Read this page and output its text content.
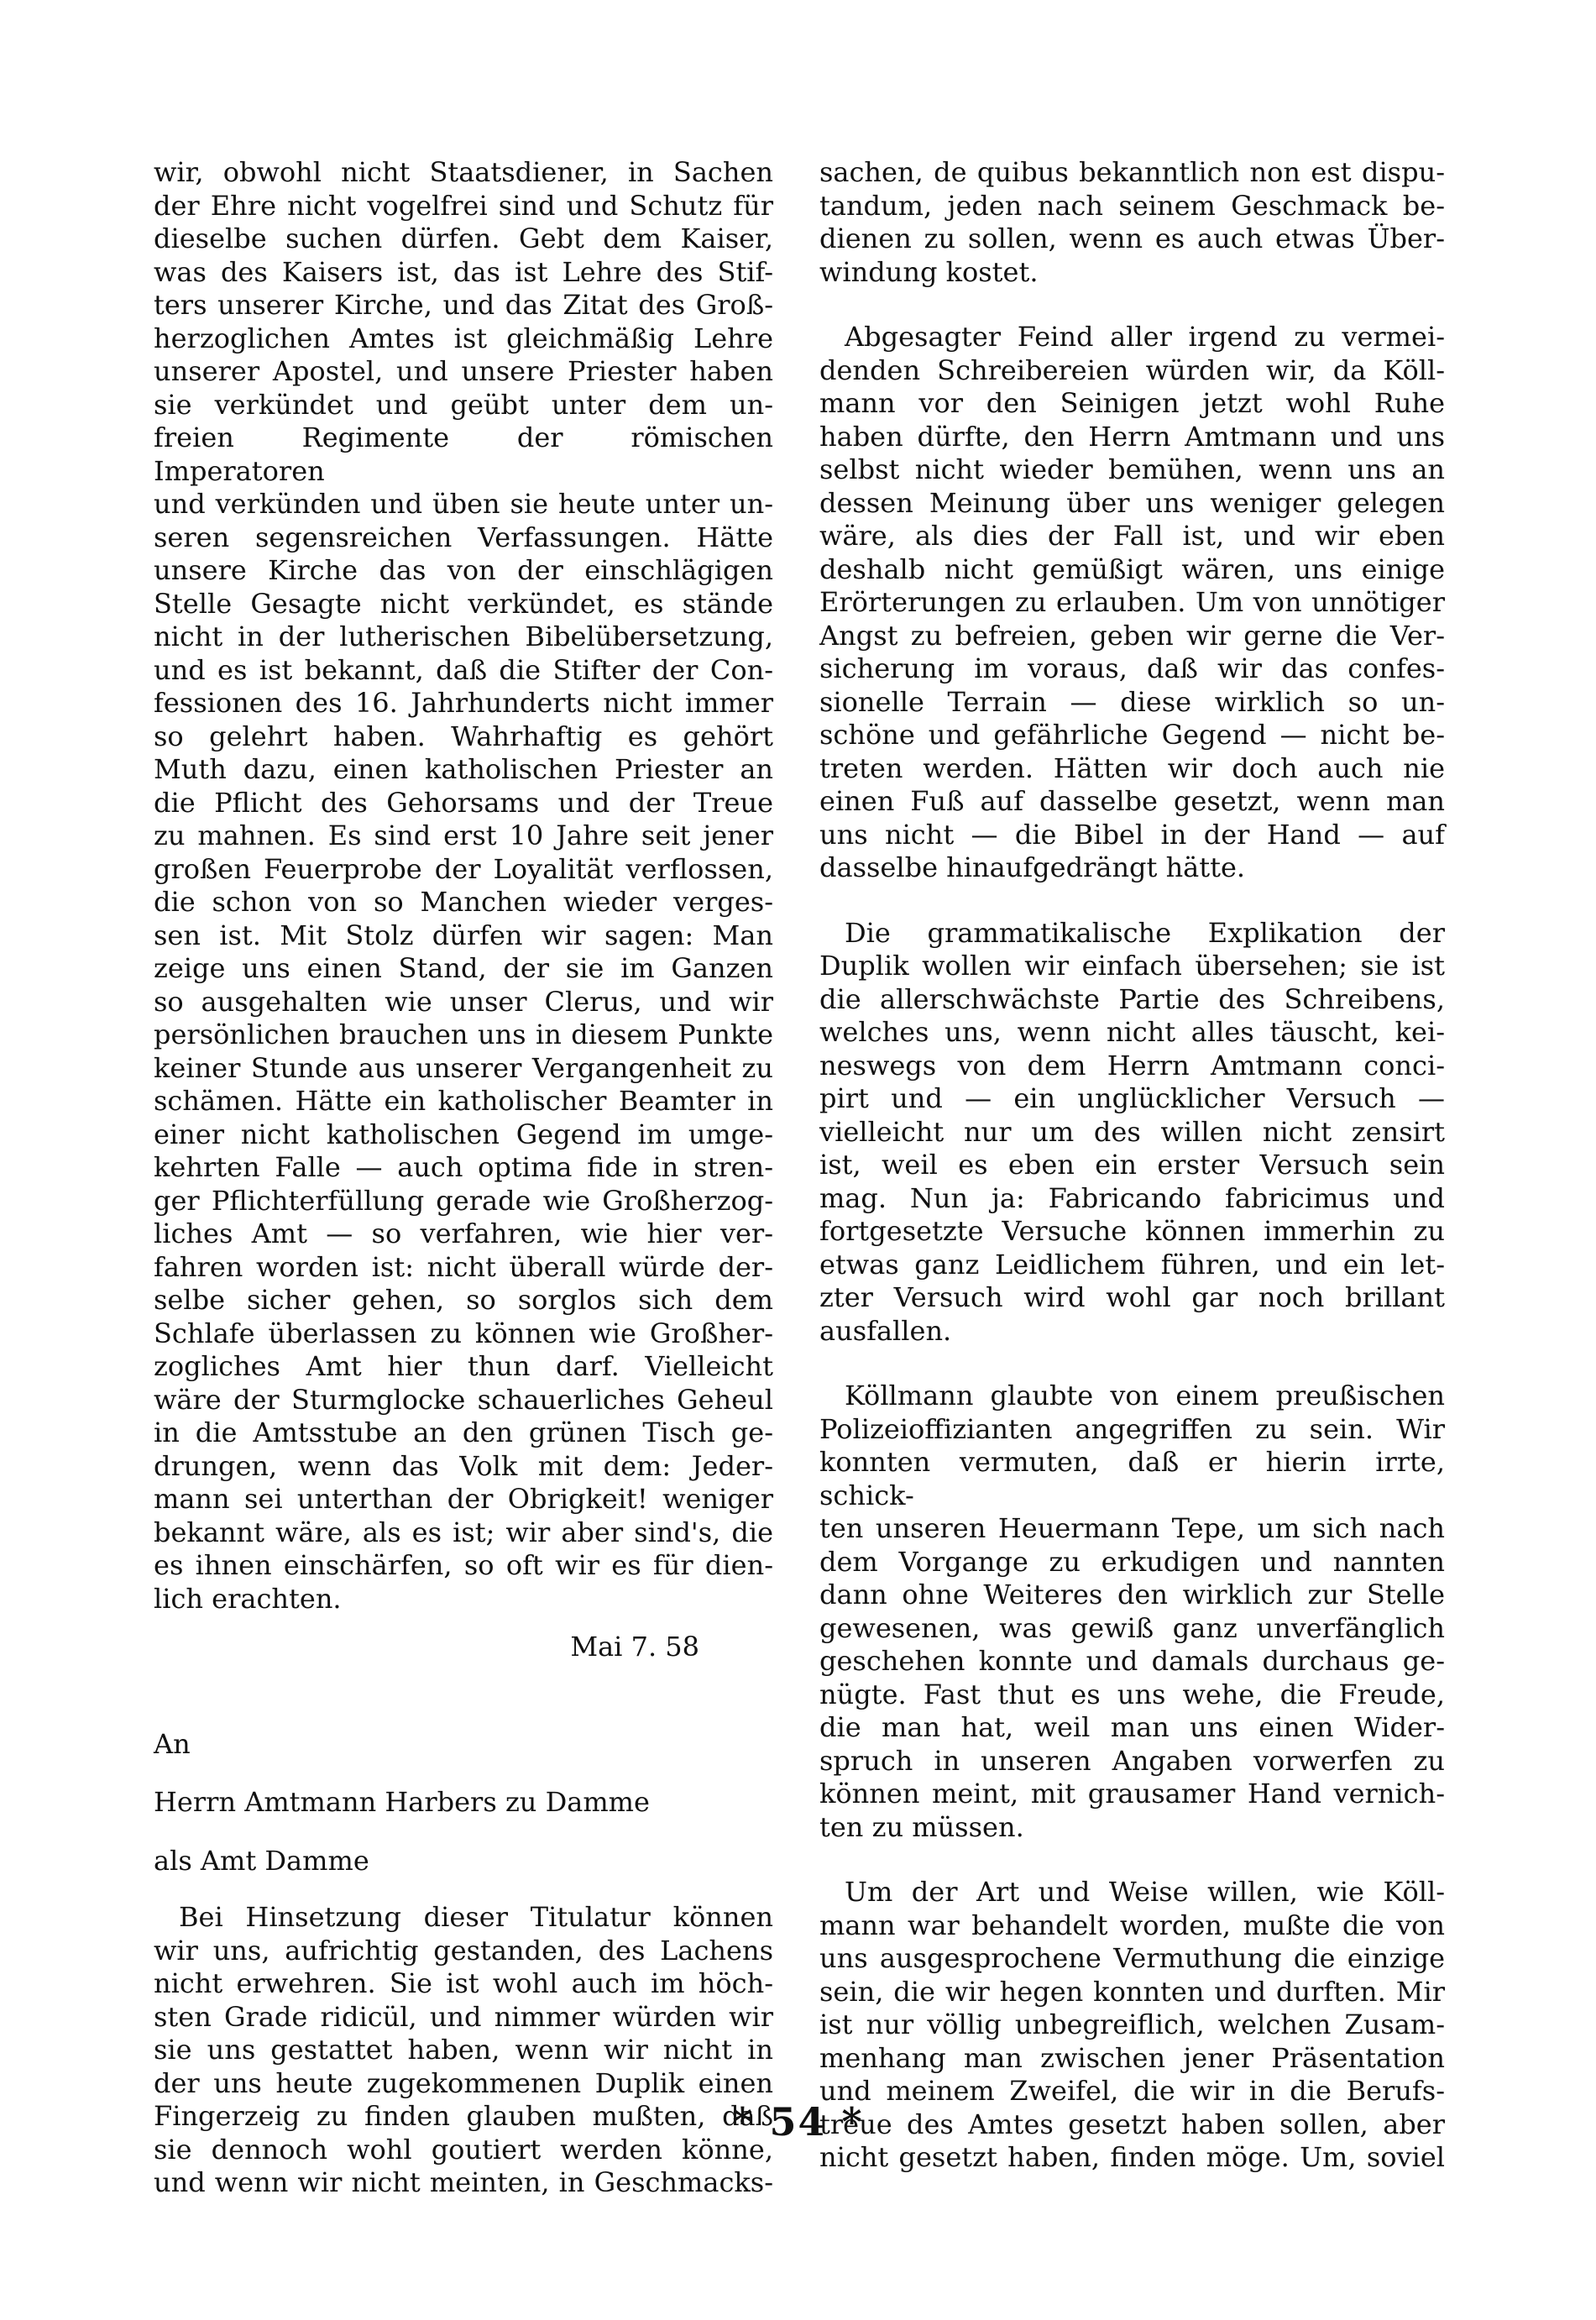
wir, obwohl nicht Staatsdiener, in Sachen

der Ehre nicht vogelfrei sind und Schutz für

dieselbe suchen dürfen. Gebt dem Kaiser,

was des Kaisers ist, das ist Lehre des Stif-

ters unserer Kirche, und das Zitat des Groß-

herzoglichen Amtes ist gleichmäßig Lehre

unserer Apostel, und unsere Priester haben

sie verkündet und geübt unter dem un-

freien Regimente der römischen Imperatoren

und verkünden und üben sie heute unter un-

seren segensreichen Verfassungen. Hätte

unsere Kirche das von der einschlägigen

Stelle Gesagte nicht verkündet, es stände

nicht in der lutherischen Bibelübersetzung,

und es ist bekannt, daß die Stifter der Con-

fessionen des 16. Jahrhunderts nicht immer

so gelehrt haben. Wahrhaftig es gehört

Muth dazu, einen katholischen Priester an

die Pflicht des Gehorsams und der Treue

zu mahnen. Es sind erst 10 Jahre seit jener

großen Feuerprobe der Loyalität verflossen,

die schon von so Manchen wieder verges-

sen ist. Mit Stolz dürfen wir sagen: Man

zeige uns einen Stand, der sie im Ganzen

so ausgehalten wie unser Clerus, und wir

persönlichen brauchen uns in diesem Punkte

keiner Stunde aus unserer Vergangenheit zu

schämen. Hätte ein katholischer Beamter in

einer nicht katholischen Gegend im umge-

kehrten Falle — auch optima fide in stren-

ger Pflichterfüllung gerade wie Großherzog-

liches Amt — so verfahren, wie hier ver-

fahren worden ist: nicht überall würde der-

selbe sicher gehen, so sorglos sich dem

Schlafe überlassen zu können wie Großher-

zogliches Amt hier thun darf. Vielleicht

wäre der Sturmglocke schauerliches Geheul

in die Amtsstube an den grünen Tisch ge-

drungen, wenn das Volk mit dem: Jeder-

mann sei unterthan der Obrigkeit! weniger

bekannt wäre, als es ist; wir aber sind's, die

es ihnen einschärfen, so oft wir es für dien-

lich erachten.

Mai 7. 58

An

Herrn Amtmann Harbers zu Damme

als Amt Damme

Bei Hinsetzung dieser Titulatur können

wir uns, aufrichtig gestanden, des Lachens

nicht erwehren. Sie ist wohl auch im höch-

sten Grade ridicül, und nimmer würden wir

sie uns gestattet haben, wenn wir nicht in

der uns heute zugekommenen Duplik einen

Fingerzeig zu finden glauben mußten, daß

sie dennoch wohl goutiert werden könne,

und wenn wir nicht meinten, in Geschmacks-

sachen, de quibus bekanntlich non est dispu-

tandum, jeden nach seinem Geschmack be-

dienen zu sollen, wenn es auch etwas Über-

windung kostet.

Abgesagter Feind aller irgend zu vermei-

denden Schreibereien würden wir, da Köll-

mann vor den Seinigen jetzt wohl Ruhe

haben dürfte, den Herrn Amtmann und uns

selbst nicht wieder bemühen, wenn uns an

dessen Meinung über uns weniger gelegen

wäre, als dies der Fall ist, und wir eben

deshalb nicht gemüßigt wären, uns einige

Erörterungen zu erlauben. Um von unnötiger

Angst zu befreien, geben wir gerne die Ver-

sicherung im voraus, daß wir das confes-

sionelle Terrain — diese wirklich so un-

schöne und gefährliche Gegend — nicht be-

treten werden. Hätten wir doch auch nie

einen Fuß auf dasselbe gesetzt, wenn man

uns nicht — die Bibel in der Hand — auf

dasselbe hinaufgedrängt hätte.

Die grammatikalische Explikation der

Duplik wollen wir einfach übersehen; sie ist

die allerschwächste Partie des Schreibens,

welches uns, wenn nicht alles täuscht, kei-

neswegs von dem Herrn Amtmann conci-

pirt und — ein unglücklicher Versuch —

vielleicht nur um des willen nicht zensirt

ist, weil es eben ein erster Versuch sein

mag. Nun ja: Fabricando fabricimus und

fortgesetzte Versuche können immerhin zu

etwas ganz Leidlichem führen, und ein let-

zter Versuch wird wohl gar noch brillant

ausfallen.

Köllmann glaubte von einem preußischen

Polizeioffizianten angegriffen zu sein. Wir

konnten vermuten, daß er hierin irrte, schick-

ten unseren Heuermann Tepe, um sich nach

dem Vorgange zu erkudigen und nannten

dann ohne Weiteres den wirklich zur Stelle

gewesenen, was gewiß ganz unverfänglich

geschehen konnte und damals durchaus ge-

nügte. Fast thut es uns wehe, die Freude,

die man hat, weil man uns einen Wider-

spruch in unseren Angaben vorwerfen zu

können meint, mit grausamer Hand vernich-

ten zu müssen.

Um der Art und Weise willen, wie Köll-

mann war behandelt worden, mußte die von

uns ausgesprochene Vermuthung die einzige

sein, die wir hegen konnten und durften. Mir

ist nur völlig unbegreiflich, welchen Zusam-

menhang man zwischen jener Präsentation

und meinem Zweifel, die wir in die Berufs-

treue des Amtes gesetzt haben sollen, aber

nicht gesetzt haben, finden möge. Um, soviel

* 54 *
